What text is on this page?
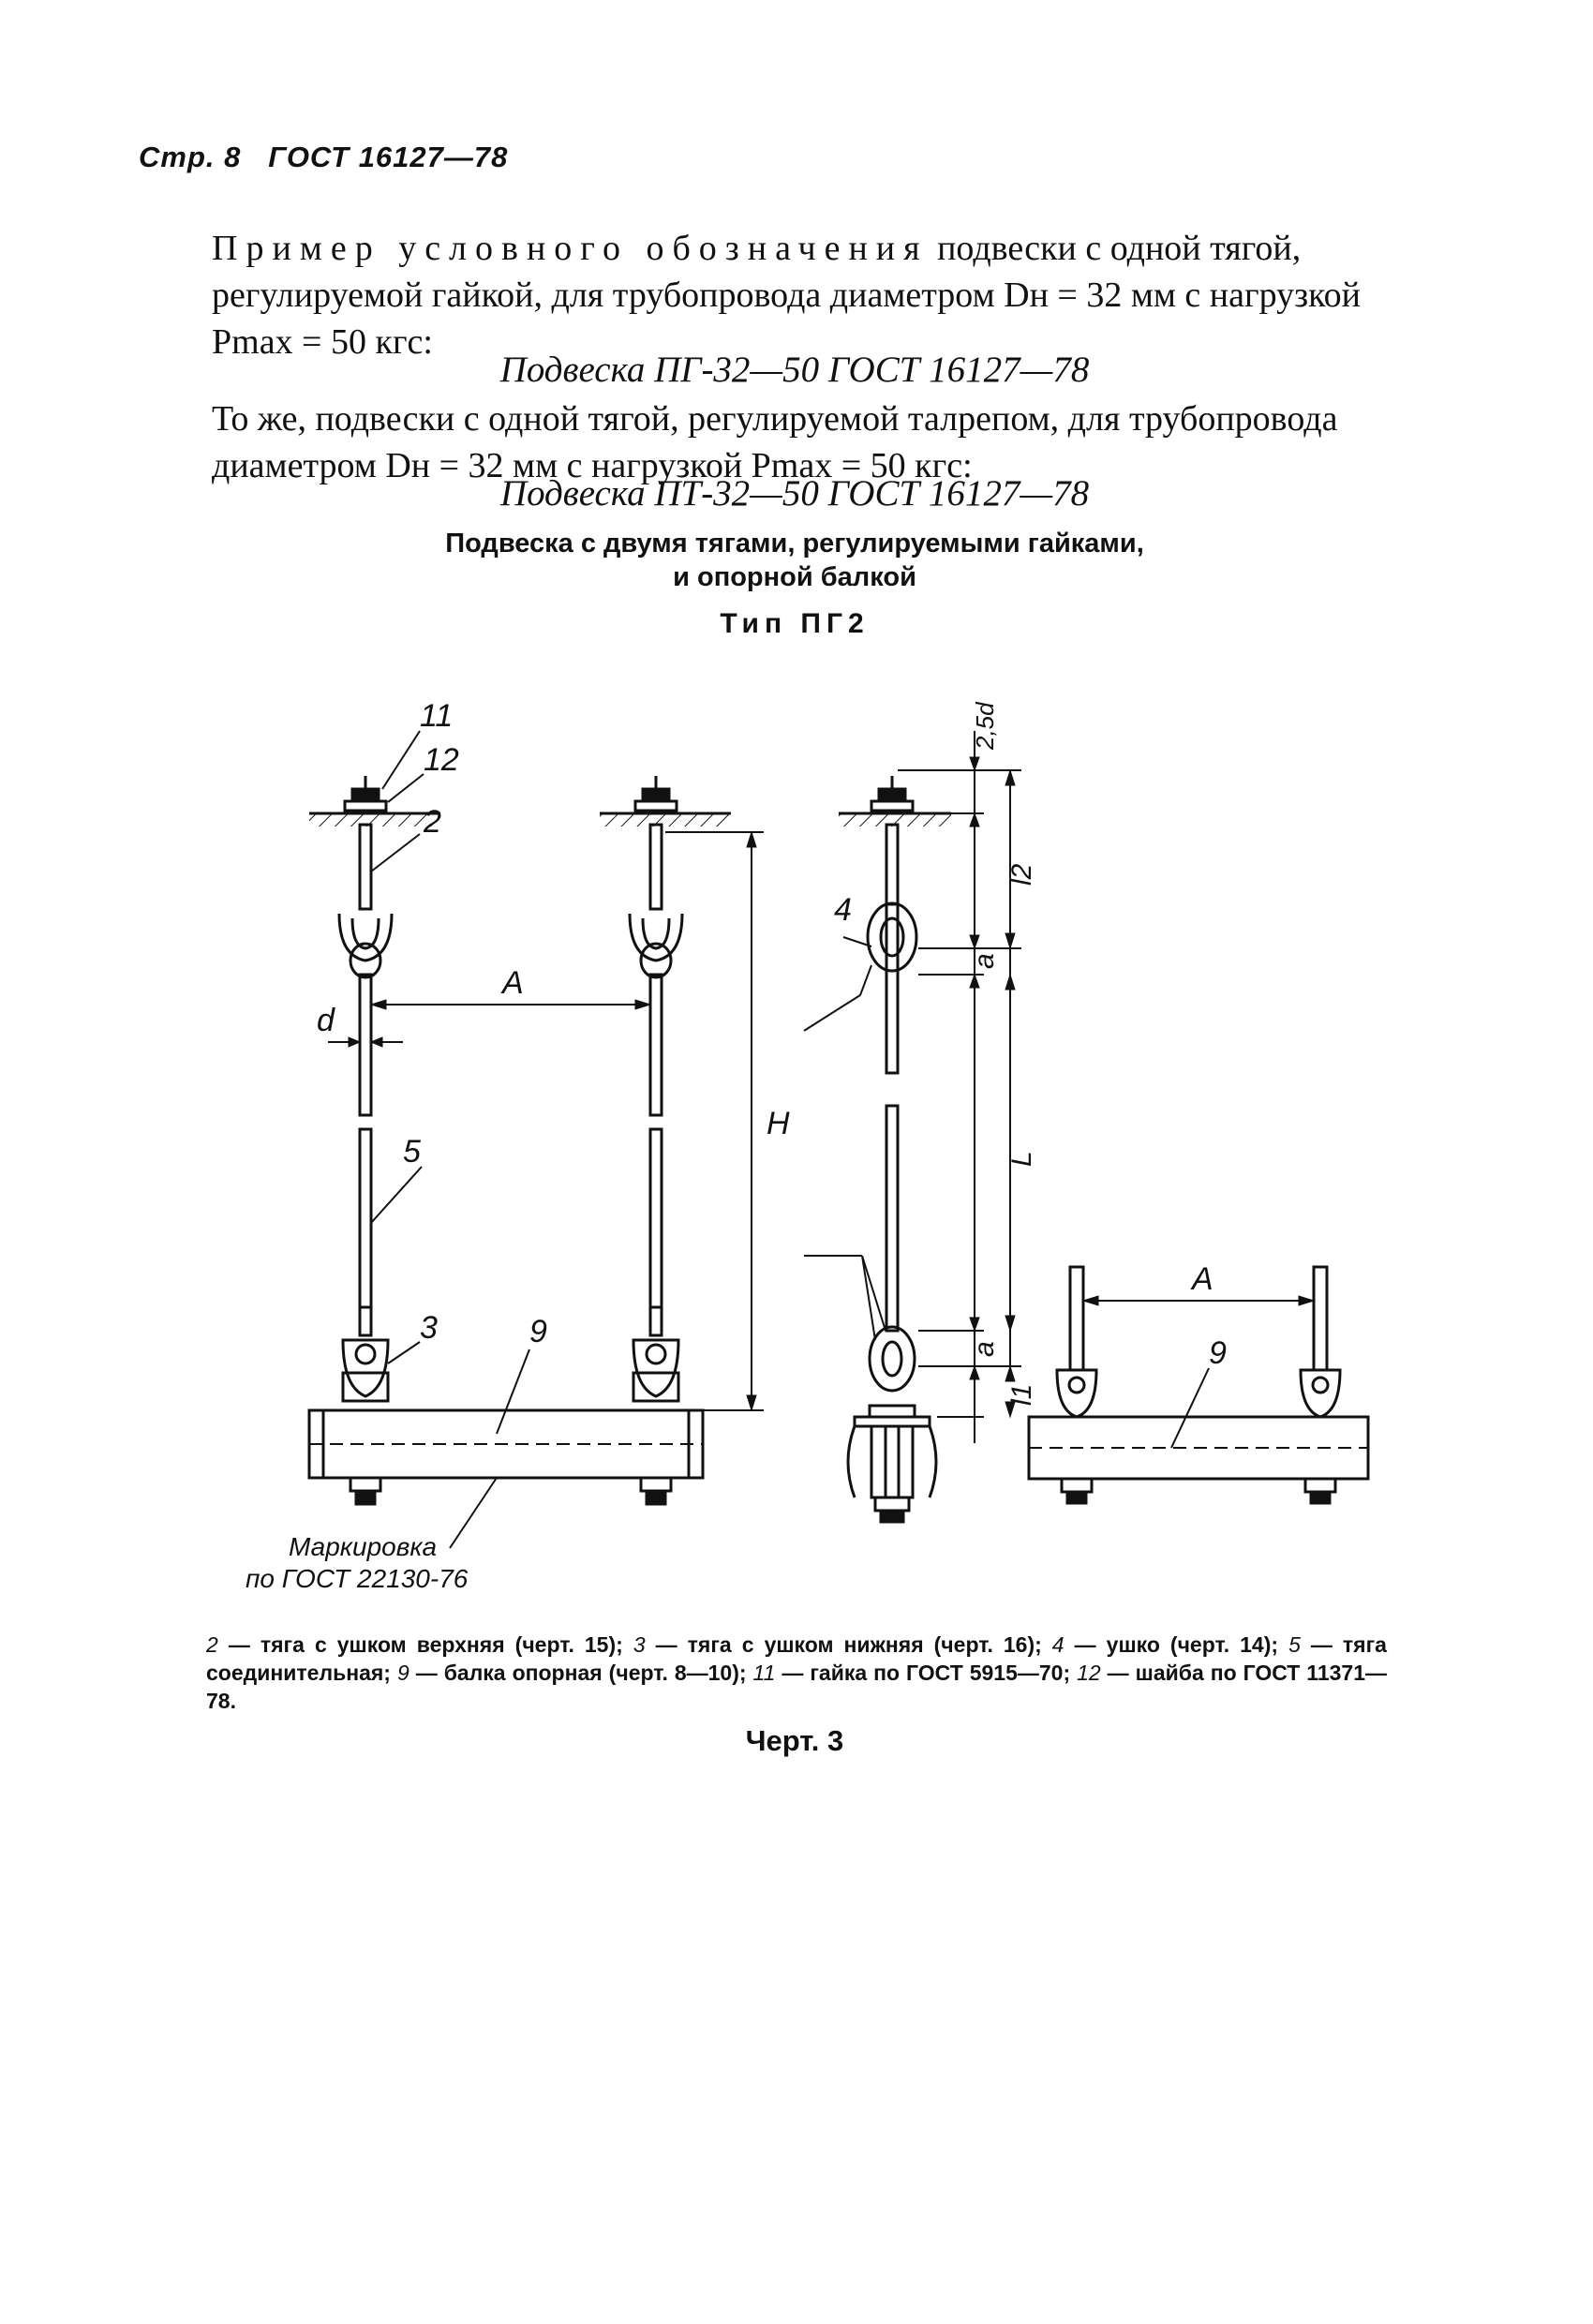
Стр. 8 ГОСТ 16127—78
Пример условного обозначения подвески с одной тягой, регулируемой гайкой, для трубопровода диаметром Dн = 32 мм с нагрузкой Pmax = 50 кгс:
Подвеска ПГ-32—50 ГОСТ 16127—78
То же, подвески с одной тягой, регулируемой талрепом, для трубопровода диаметром Dн = 32 мм с нагрузкой Pmax = 50 кгс:
Подвеска ПТ-32—50 ГОСТ 16127—78
Подвеска с двумя тягами, регулируемыми гайками,
и опорной балкой
Тип ПГ2
11
12
2
A
d
5
H
3	9
Маркировка
по ГОСТ 22130-76
4
2,5d
l2
a
L
a
l1
A
9
2 — тяга с ушком верхняя (черт. 15); 3 — тяга с ушком нижняя (черт. 16); 4 — ушко (черт. 14); 5 — тяга соединительная; 9 — балка опорная (черт. 8—10); 11 — гайка по ГОСТ 5915—70; 12 — шайба по ГОСТ 11371—78.
Черт. 3
